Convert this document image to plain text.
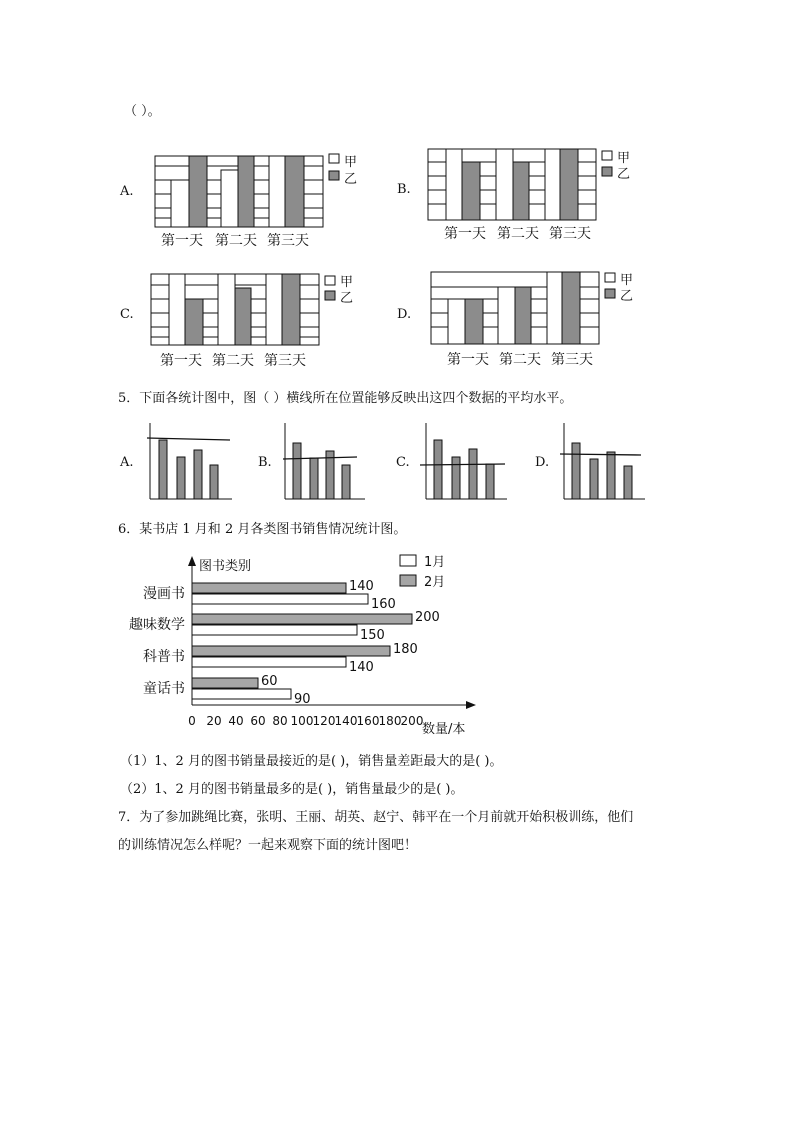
（ ）。
A.
甲
乙
第一天 第二天 第三天
B.
甲
乙
第一天 第二天 第三天
C.
甲
乙
第一天 第二天 第三天
D.
甲
乙
第一天 第二天 第三天
5．下面各统计图中，图（ ）横线所在位置能够反映出这四个数据的平均水平。
A.	B.	C.	D.
6．某书店 1 月和 2 月各类图书销售情况统计图。
图书类别
数量/本
0 20 40 60 80 100 120 140 160 180 200
漫画书
趣味数学
科普书
童话书
140
160
200
150
180
140
60
90
1月
2月
（1）1、2 月的图书销量最接近的是( )，销售量差距最大的是( )。
（2）1、2 月的图书销量最多的是( )，销售量最少的是( )。
7．为了参加跳绳比赛，张明、王丽、胡英、赵宁、韩平在一个月前就开始积极训练，他们
的训练情况怎么样呢？一起来观察下面的统计图吧！
